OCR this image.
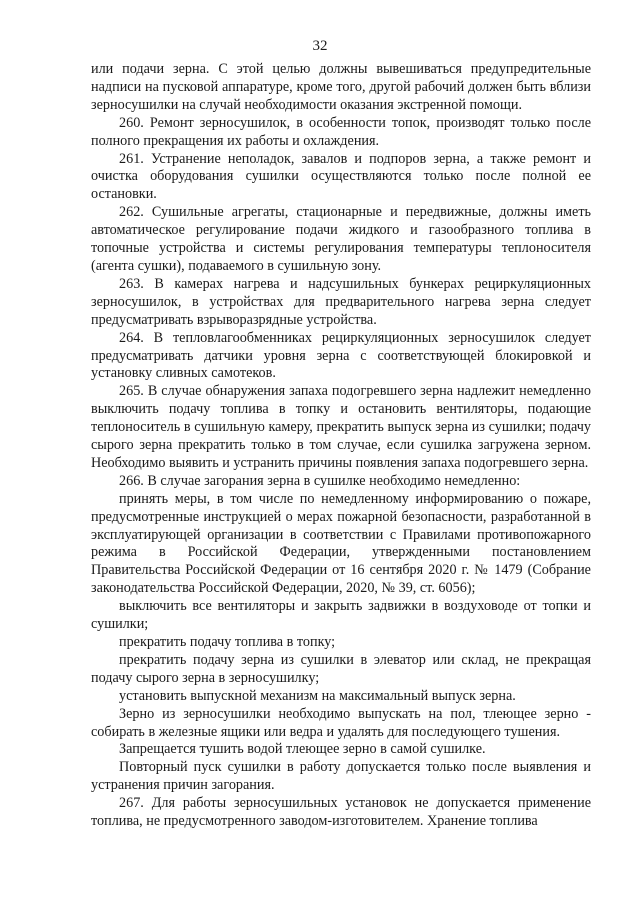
32

или подачи зерна. С этой целью должны вывешиваться предупредительные надписи на пусковой аппаратуре, кроме того, другой рабочий должен быть вблизи зерносушилки на случай необходимости оказания экстренной помощи.

260. Ремонт зерносушилок, в особенности топок, производят только после полного прекращения их работы и охлаждения.

261. Устранение неполадок, завалов и подпоров зерна, а также ремонт и очистка оборудования сушилки осуществляются только после полной ее остановки.

262. Сушильные агрегаты, стационарные и передвижные, должны иметь автоматическое регулирование подачи жидкого и газообразного топлива в топочные устройства и системы регулирования температуры теплоносителя (агента сушки), подаваемого в сушильную зону.

263. В камерах нагрева и надсушильных бункерах рециркуляционных зерносушилок, в устройствах для предварительного нагрева зерна следует предусматривать взрыворазрядные устройства.

264. В тепловлагообменниках рециркуляционных зерносушилок следует предусматривать датчики уровня зерна с соответствующей блокировкой и установку сливных самотеков.

265. В случае обнаружения запаха подогревшего зерна надлежит немедленно выключить подачу топлива в топку и остановить вентиляторы, подающие теплоноситель в сушильную камеру, прекратить выпуск зерна из сушилки; подачу сырого зерна прекратить только в том случае, если сушилка загружена зерном. Необходимо выявить и устранить причины появления запаха подогревшего зерна.

266. В случае загорания зерна в сушилке необходимо немедленно:

принять меры, в том числе по немедленному информированию о пожаре, предусмотренные инструкцией о мерах пожарной безопасности, разработанной в эксплуатирующей организации в соответствии с Правилами противопожарного режима в Российской Федерации, утвержденными постановлением Правительства Российской Федерации от 16 сентября 2020 г. № 1479 (Собрание законодательства Российской Федерации, 2020, № 39, ст. 6056);

выключить все вентиляторы и закрыть задвижки в воздуховоде от топки и сушилки;

прекратить подачу топлива в топку;

прекратить подачу зерна из сушилки в элеватор или склад, не прекращая подачу сырого зерна в зерносушилку;

установить выпускной механизм на максимальный выпуск зерна.

Зерно из зерносушилки необходимо выпускать на пол, тлеющее зерно - собирать в железные ящики или ведра и удалять для последующего тушения.

Запрещается тушить водой тлеющее зерно в самой сушилке.

Повторный пуск сушилки в работу допускается только после выявления и устранения причин загорания.

267. Для работы зерносушильных установок не допускается применение топлива, не предусмотренного заводом-изготовителем. Хранение топлива
